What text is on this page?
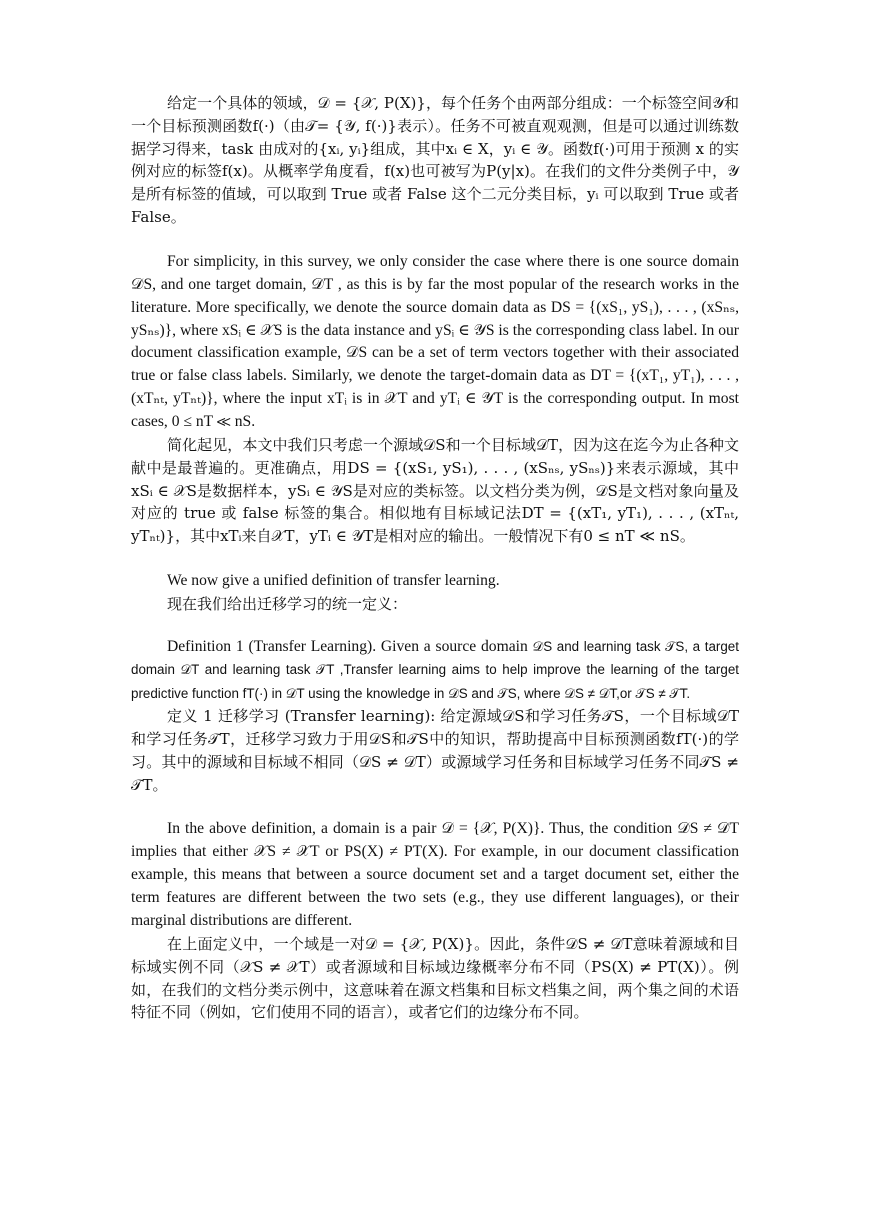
给定一个具体的领域，𝒟 = {𝒳, P(X)}，每个任务个由两部分组成：一个标签空间𝒴和一个目标预测函数f(·)（由𝒯= {𝒴, f(·)}表示）。任务不可被直观观测，但是可以通过训练数据学习得来，task 由成对的{xᵢ, yᵢ}组成，其中xᵢ ∈ X，yᵢ ∈ 𝒴。函数f(·)可用于预测 x 的实例对应的标签f(x)。从概率学角度看，f(x)也可被写为P(y|x)。在我们的文件分类例子中，𝒴是所有标签的值域，可以取到 True 或者 False 这个二元分类目标，yᵢ 可以取到 True 或者 False。

For simplicity, in this survey, we only consider the case where there is one source domain 𝒟S, and one target domain, 𝒟T , as this is by far the most popular of the research works in the literature. More specifically, we denote the source domain data as DS = {(xS₁, yS₁), . . . , (xSₙₛ, ySₙₛ)}, where xSᵢ ∈ 𝒳S is the data instance and ySᵢ ∈ 𝒴S is the corresponding class label. In our document classification example, 𝒟S can be a set of term vectors together with their associated true or false class labels. Similarly, we denote the target-domain data as DT = {(xT₁, yT₁), . . . , (xTₙₜ, yTₙₜ)}, where the input xTᵢ is in 𝒳T and yTᵢ ∈ 𝒴T is the corresponding output. In most cases, 0 ≤ nT ≪ nS.

简化起见，本文中我们只考虑一个源域𝒟S和一个目标域𝒟T，因为这在迄今为止各种文献中是最普遍的。更准确点，用DS = {(xS₁, yS₁), . . . , (xSₙₛ, ySₙₛ)}来表示源域，其中xSᵢ ∈ 𝒳S是数据样本，ySᵢ ∈ 𝒴S是对应的类标签。以文档分类为例，𝒟S是文档对象向量及对应的 true 或 false 标签的集合。相似地有目标域记法DT = {(xT₁, yT₁), . . . , (xTₙₜ, yTₙₜ)}，其中xTᵢ来自𝒳T，yTᵢ ∈ 𝒴T是相对应的输出。一般情况下有0 ≤ nT ≪ nS。

We now give a unified definition of transfer learning.

现在我们给出迁移学习的统一定义：

Definition 1 (Transfer Learning). Given a source domain 𝒟S and learning task 𝒯S, a target domain 𝒟T and learning task 𝒯T ,Transfer learning aims to help improve the learning of the target predictive function fT(·) in 𝒟T using the knowledge in 𝒟S and 𝒯S, where 𝒟S ≠ 𝒟T,or 𝒯S ≠ 𝒯T.

定义 1 迁移学习 (Transfer learning): 给定源域𝒟S和学习任务𝒯S，一个目标域𝒟T和学习任务𝒯T，迁移学习致力于用𝒟S和𝒯S中的知识，帮助提高中目标预测函数fT(·)的学习。其中的源域和目标域不相同（𝒟S ≠ 𝒟T）或源域学习任务和目标域学习任务不同𝒯S ≠ 𝒯T。

In the above definition, a domain is a pair 𝒟 = {𝒳, P(X)}. Thus, the condition 𝒟S ≠ 𝒟T implies that either 𝒳S ≠ 𝒳T or PS(X) ≠ PT(X). For example, in our document classification example, this means that between a source document set and a target document set, either the term features are different between the two sets (e.g., they use different languages), or their marginal distributions are different.

在上面定义中，一个域是一对𝒟 = {𝒳, P(X)}。因此，条件𝒟S ≠ 𝒟T意味着源域和目标域实例不同（𝒳S ≠ 𝒳T）或者源域和目标域边缘概率分布不同（PS(X) ≠ PT(X)）。例如，在我们的文档分类示例中，这意味着在源文档集和目标文档集之间，两个集之间的术语特征不同（例如，它们使用不同的语言），或者它们的边缘分布不同。
